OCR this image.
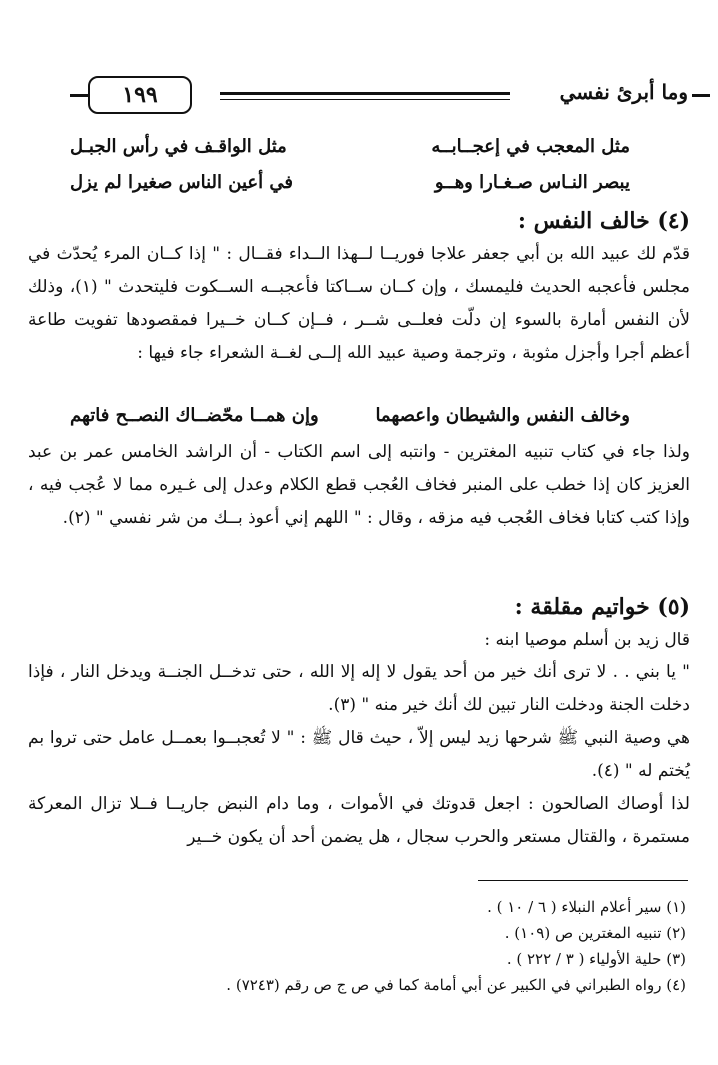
وما أبرئ نفسي
١٩٩
مثل المعجب في إعجــابــه
مثل الواقـف في رأس الجبـل
يبصر النـاس صـغـارا وهــو
في أعين الناس صغيرا لم يزل
(٤) خالف النفس :
قدّم لك عبيد الله بن أبي جعفر علاجا فوريــا لــهذا الــداء فقــال : " إذا كــان المرء يُحدّث في مجلس فأعجبه الحديث فليمسك ، وإن كــان ســاكتا فأعجبــه الســكوت فليتحدث " (١)، وذلك لأن النفس أمارة بالسوء إن دلّت فعلــى شــر ، فــإن كــان خــيرا فمقصودها تفويت طاعة أعظم أجرا وأجزل مثوبة ، وترجمة وصية عبيد الله إلــى لغــة الشعراء جاء فيها :
وخالف النفس والشيطان واعصهما
وإن همــا محّضــاك النصــح فاتهم
ولذا جاء في كتاب تنبيه المغترين - وانتبه إلى اسم الكتاب - أن الراشد الخامس عمر بن عبد العزيز كان إذا خطب على المنبر فخاف العُجب قطع الكلام وعدل إلى غـيره مما لا عُجب فيه ، وإذا كتب كتابا فخاف العُجب فيه مزقه ، وقال : " اللهم إني أعوذ بــك من شر نفسي " (٢).
(٥) خواتيم مقلقة :
قال زيد بن أسلم موصيا ابنه :
" يا بني . . لا ترى أنك خير من أحد يقول لا إله إلا الله ، حتى تدخــل الجنــة ويدخل النار ، فإذا دخلت الجنة ودخلت النار تبين لك أنك خير منه " (٣).
هي وصية النبي ﷺ شرحها زيد ليس إلاّ ، حيث قال ﷺ : " لا تُعجبــوا بعمــل عامل حتى تروا بم يُختم له " (٤).
لذا أوصاك الصالحون : اجعل قدوتك في الأموات ، وما دام النبض جاريــا فــلا تزال المعركة مستمرة ، والقتال مستعر والحرب سجال ، هل يضمن أحد أن يكون خــير
(١) سير أعلام النبلاء ( ٦ / ١٠ ) .
(٢) تنبيه المغترين ص (١٠٩) .
(٣) حلية الأولياء ( ٣ / ٢٢٢ ) .
(٤) رواه الطبراني في الكبير عن أبي أمامة كما في ص ج ص رقم (٧٢٤٣) .
